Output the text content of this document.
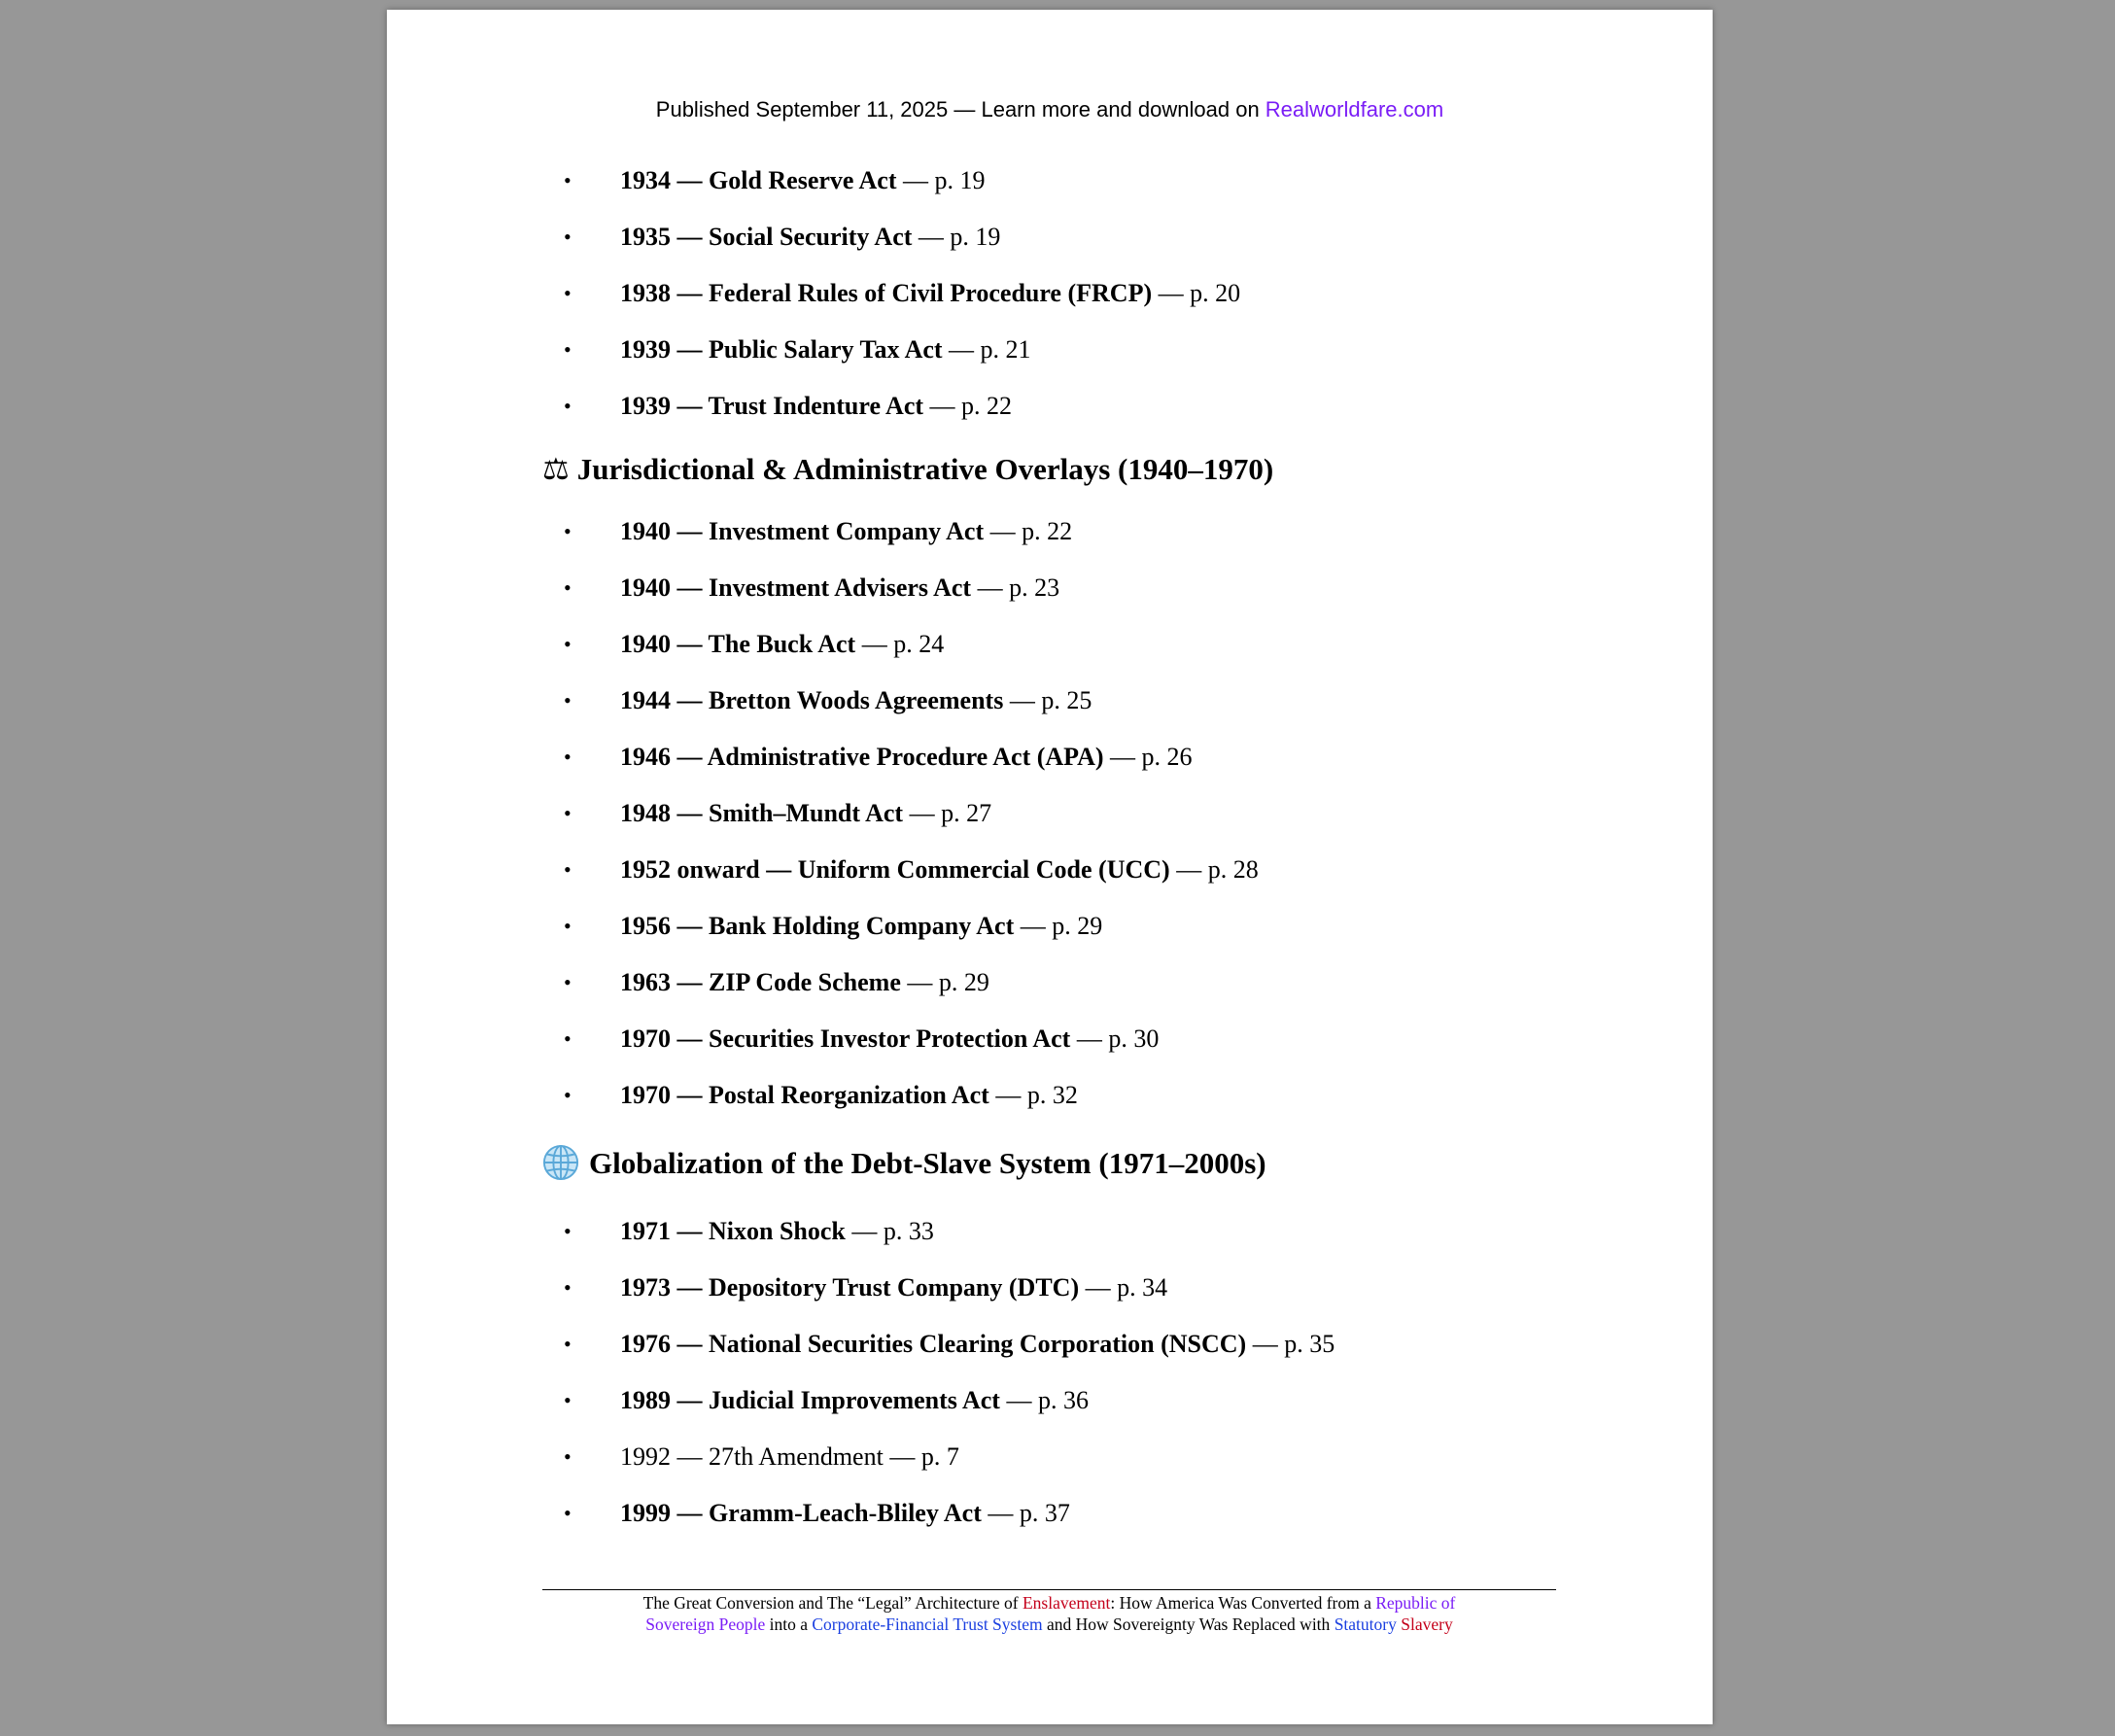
Published September 11, 2025 — Learn more and download on Realworldfare.com
• 1934 — Gold Reserve Act — p. 19
• 1935 — Social Security Act — p. 19
• 1938 — Federal Rules of Civil Procedure (FRCP) — p. 20
• 1939 — Public Salary Tax Act — p. 21
• 1939 — Trust Indenture Act — p. 22
⚖ Jurisdictional & Administrative Overlays (1940–1970)
• 1940 — Investment Company Act — p. 22
• 1940 — Investment Advisers Act — p. 23
• 1940 — The Buck Act — p. 24
• 1944 — Bretton Woods Agreements — p. 25
• 1946 — Administrative Procedure Act (APA) — p. 26
• 1948 — Smith–Mundt Act — p. 27
• 1952 onward — Uniform Commercial Code (UCC) — p. 28
• 1956 — Bank Holding Company Act — p. 29
• 1963 — ZIP Code Scheme — p. 29
• 1970 — Securities Investor Protection Act — p. 30
• 1970 — Postal Reorganization Act — p. 32
Globalization of the Debt-Slave System (1971–2000s)
• 1971 — Nixon Shock — p. 33
• 1973 — Depository Trust Company (DTC) — p. 34
• 1976 — National Securities Clearing Corporation (NSCC) — p. 35
• 1989 — Judicial Improvements Act — p. 36
• 1992 — 27th Amendment — p. 7
• 1999 — Gramm-Leach-Bliley Act — p. 37
The Great Conversion and The “Legal” Architecture of Enslavement: How America Was Converted from a Republic of
Sovereign People into a Corporate-Financial Trust System and How Sovereignty Was Replaced with Statutory Slavery
